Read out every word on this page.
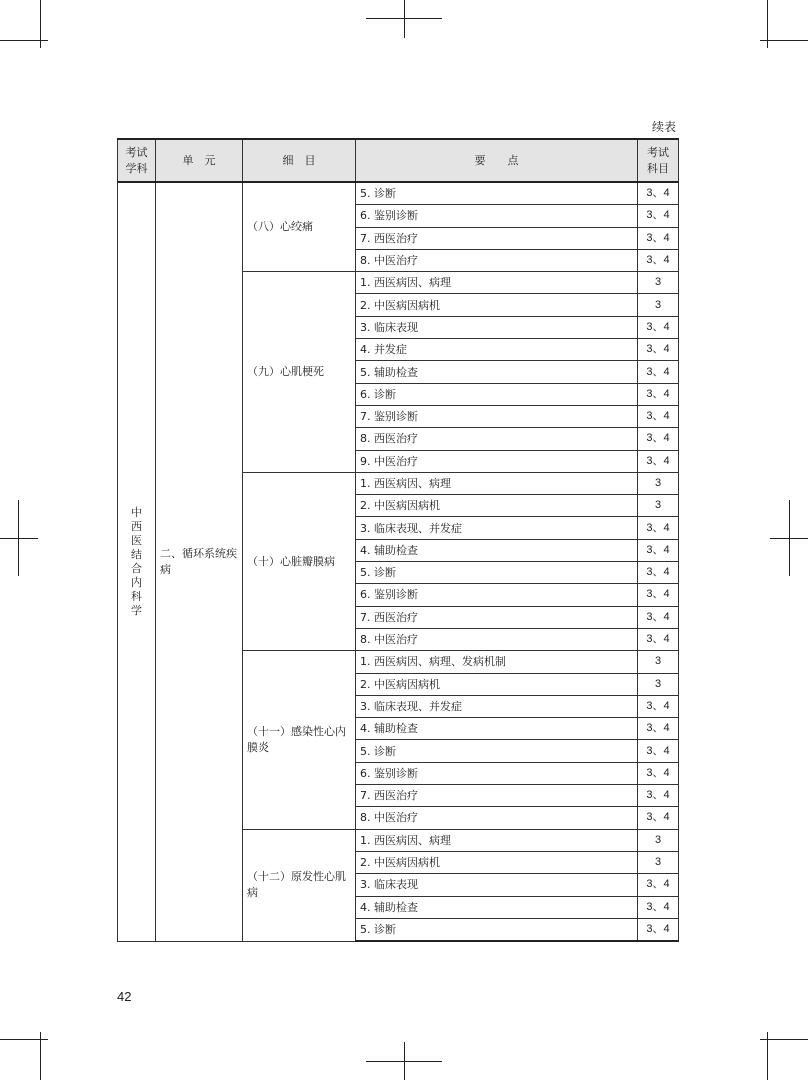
续表
考试学科	单　元	细　目	要　　点	考试科目

中西医结合内科学	二、循环系统疾病	（八）心绞痛	5. 诊断	3、4
			6. 鉴别诊断	3、4
			7. 西医治疗	3、4
			8. 中医治疗	3、4
		（九）心肌梗死	1. 西医病因、病理	3
			2. 中医病因病机	3
			3. 临床表现	3、4
			4. 并发症	3、4
			5. 辅助检查	3、4
			6. 诊断	3、4
			7. 鉴别诊断	3、4
			8. 西医治疗	3、4
			9. 中医治疗	3、4
		（十）心脏瓣膜病	1. 西医病因、病理	3
			2. 中医病因病机	3
			3. 临床表现、并发症	3、4
			4. 辅助检查	3、4
			5. 诊断	3、4
			6. 鉴别诊断	3、4
			7. 西医治疗	3、4
			8. 中医治疗	3、4
		（十一）感染性心内膜炎	1. 西医病因、病理、发病机制	3
			2. 中医病因病机	3
			3. 临床表现、并发症	3、4
			4. 辅助检查	3、4
			5. 诊断	3、4
			6. 鉴别诊断	3、4
			7. 西医治疗	3、4
			8. 中医治疗	3、4
		（十二）原发性心肌病	1. 西医病因、病理	3
			2. 中医病因病机	3
			3. 临床表现	3、4
			4. 辅助检查	3、4
			5. 诊断	3、4
42
